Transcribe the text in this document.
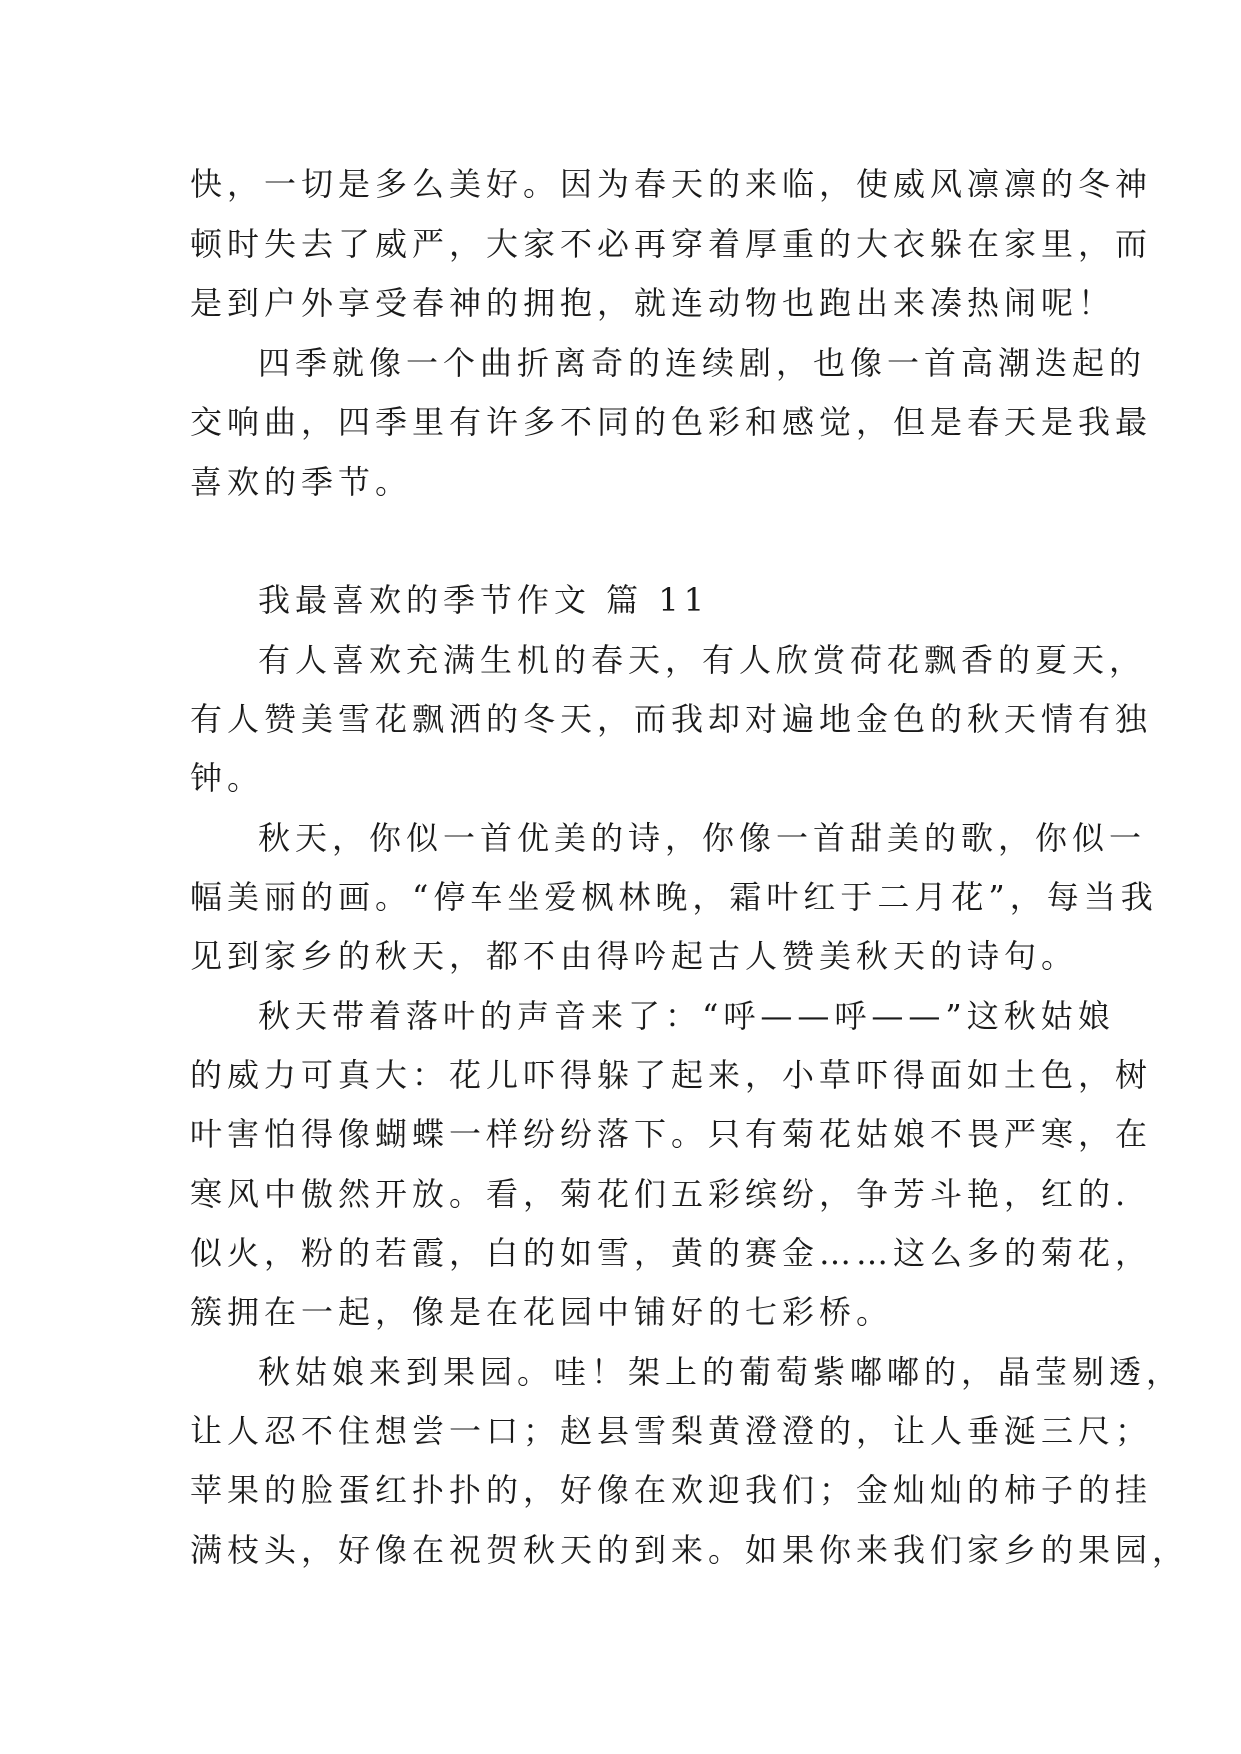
快，一切是多么美好。因为春天的来临，使威风凛凛的冬神
顿时失去了威严，大家不必再穿着厚重的大衣躲在家里，而
是到户外享受春神的拥抱，就连动物也跑出来凑热闹呢！
四季就像一个曲折离奇的连续剧，也像一首高潮迭起的
交响曲，四季里有许多不同的色彩和感觉，但是春天是我最
喜欢的季节。
我最喜欢的季节作文 篇 11
有人喜欢充满生机的春天，有人欣赏荷花飘香的夏天，
有人赞美雪花飘洒的冬天，而我却对遍地金色的秋天情有独
钟。
秋天，你似一首优美的诗，你像一首甜美的歌，你似一
幅美丽的画。“停车坐爱枫林晚，霜叶红于二月花”，每当我
见到家乡的秋天，都不由得吟起古人赞美秋天的诗句。
秋天带着落叶的声音来了：“呼——呼——”这秋姑娘
的威力可真大：花儿吓得躲了起来，小草吓得面如土色，树
叶害怕得像蝴蝶一样纷纷落下。只有菊花姑娘不畏严寒，在
寒风中傲然开放。看，菊花们五彩缤纷，争芳斗艳，红的.
似火，粉的若霞，白的如雪，黄的赛金……这么多的菊花，
簇拥在一起，像是在花园中铺好的七彩桥。
秋姑娘来到果园。哇！架上的葡萄紫嘟嘟的，晶莹剔透，
让人忍不住想尝一口；赵县雪梨黄澄澄的，让人垂涎三尺；
苹果的脸蛋红扑扑的，好像在欢迎我们；金灿灿的柿子的挂
满枝头，好像在祝贺秋天的到来。如果你来我们家乡的果园，
